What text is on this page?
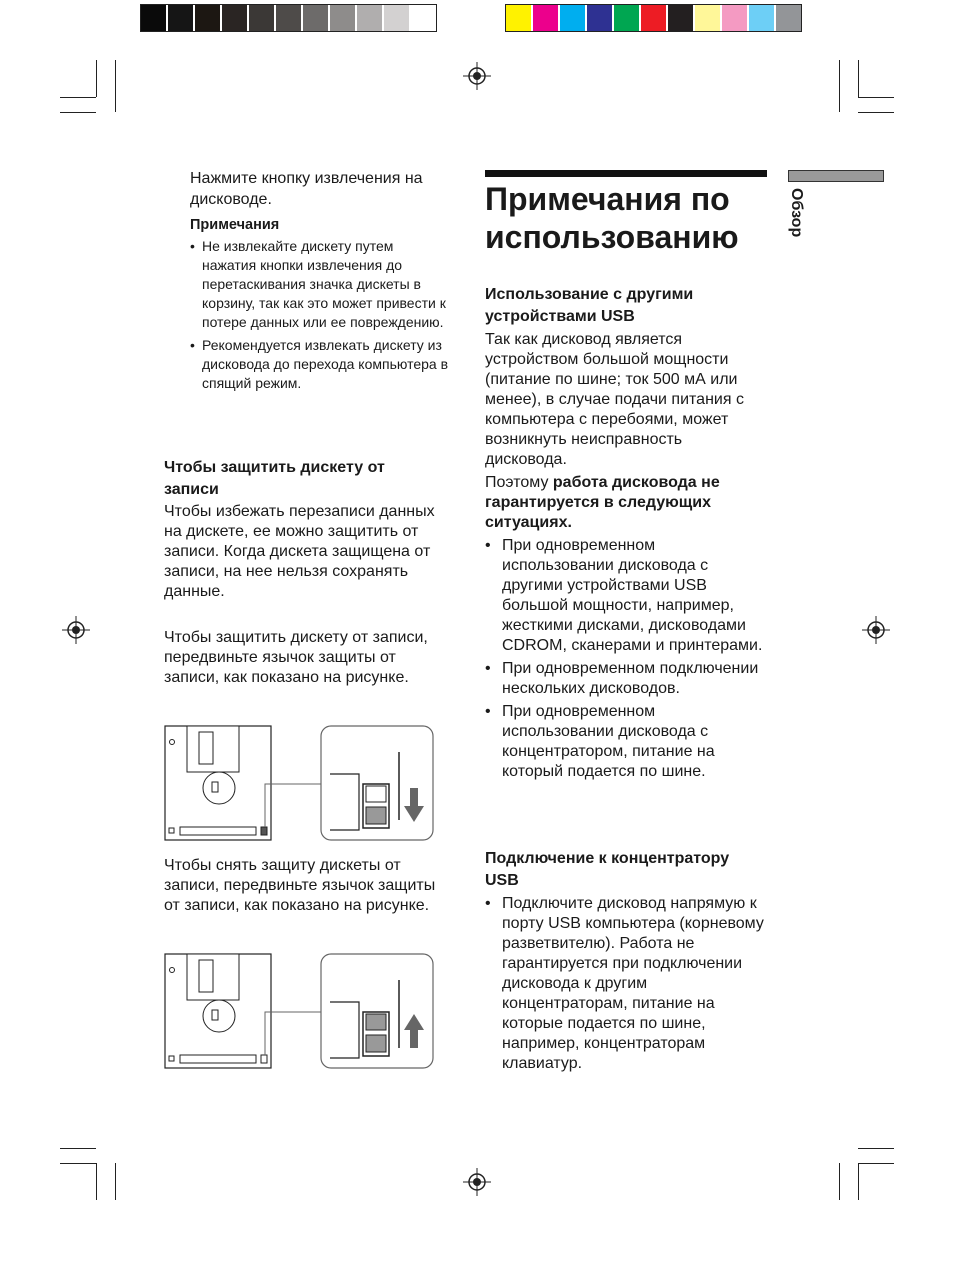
Нажмите кнопку извлечения на дисководе.
Примечания
• Не извлекайте дискету путем нажатия кнопки извлечения до перетаскивания значка дискеты в корзину, так как это может привести к потере данных или ее повреждению.
• Рекомендуется извлекать дискету из дисковода до перехода компьютера в спящий режим.
Чтобы защитить дискету от записи

Чтобы избежать перезаписи данных на дискете, ее можно защитить от записи. Когда дискета защищена от записи, на нее нельзя сохранять данные.

Чтобы защитить дискету от записи, передвиньте язычок защиты от записи, как показано на рисунке.

Чтобы снять защиту дискеты от записи, передвиньте язычок защиты от записи, как показано на рисунке.

Примечания по использованию
Использование с другими устройствами USB

Так как дисковод является устройством большой мощности (питание по шине; ток 500 мА или менее), в случае подачи питания с компьютера с перебоями, может возникнуть неисправность дисковода.

Поэтому работа дисковода не гарантируется в следующих ситуациях.

• При одновременном использовании дисковода с другими устройствами USB большой мощности, например, жесткими дисками, дисководами CDROM, сканерами и принтерами.
• При одновременном подключении нескольких дисководов.
• При одновременном использовании дисковода с концентратором, питание на который подается по шине.
Подключение к концентратору USB
• Подключите дисковод напрямую к порту USB компьютера (корневому разветвителю). Работа не гарантируется при подключении дисковода к другим концентраторам, питание на которые подается по шине, например, концентраторам клавиатур.
Обзор
